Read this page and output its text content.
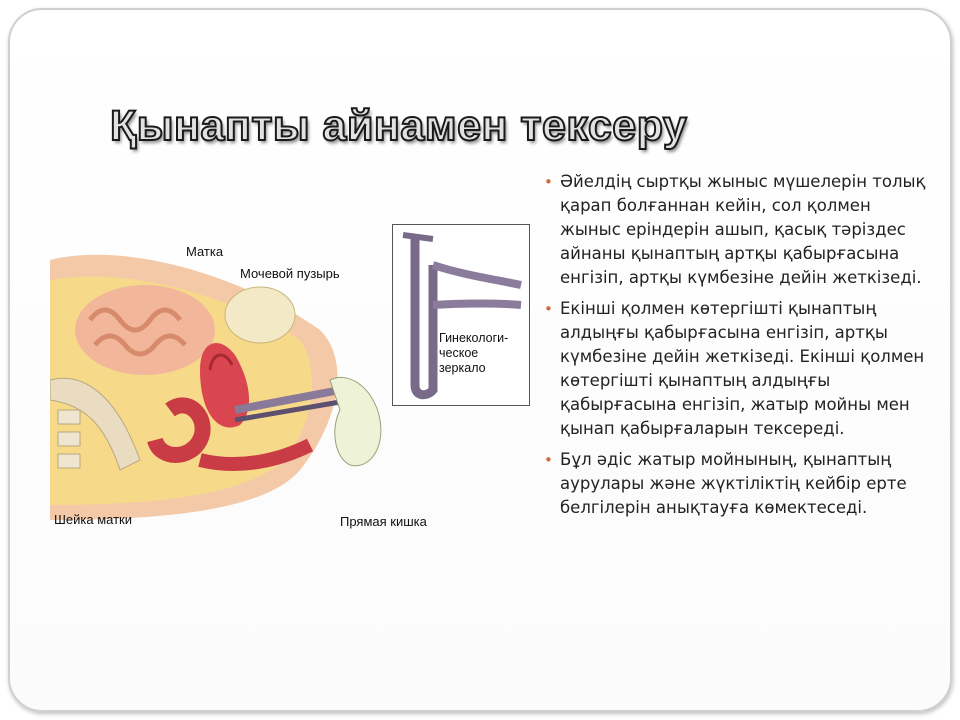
Қынапты айнамен тексеру
Матка
Мочевой пузырь
Шейка матки	Прямая кишка
Гинекологи-
ческое
зеркало
• Әйелдің сыртқы жыныс мүшелерін толық қарап болғаннан кейін, сол қолмен жыныс еріндерін ашып, қасық тәріздес айнаны қынаптың артқы қабырғасына енгізіп, артқы күмбезіне дейін жеткізеді.
• Екінші қолмен көтергішті қынаптың алдыңғы қабырғасына енгізіп, артқы күмбезіне дейін жеткізеді. Екінші қолмен көтергішті қынаптың алдыңғы қабырғасына енгізіп, жатыр мойны мен қынап қабырғаларын тексереді.
• Бұл әдіс жатыр мойнының, қынаптың аурулары және жүктіліктің кейбір ерте белгілерін анықтауға көмектеседі.
